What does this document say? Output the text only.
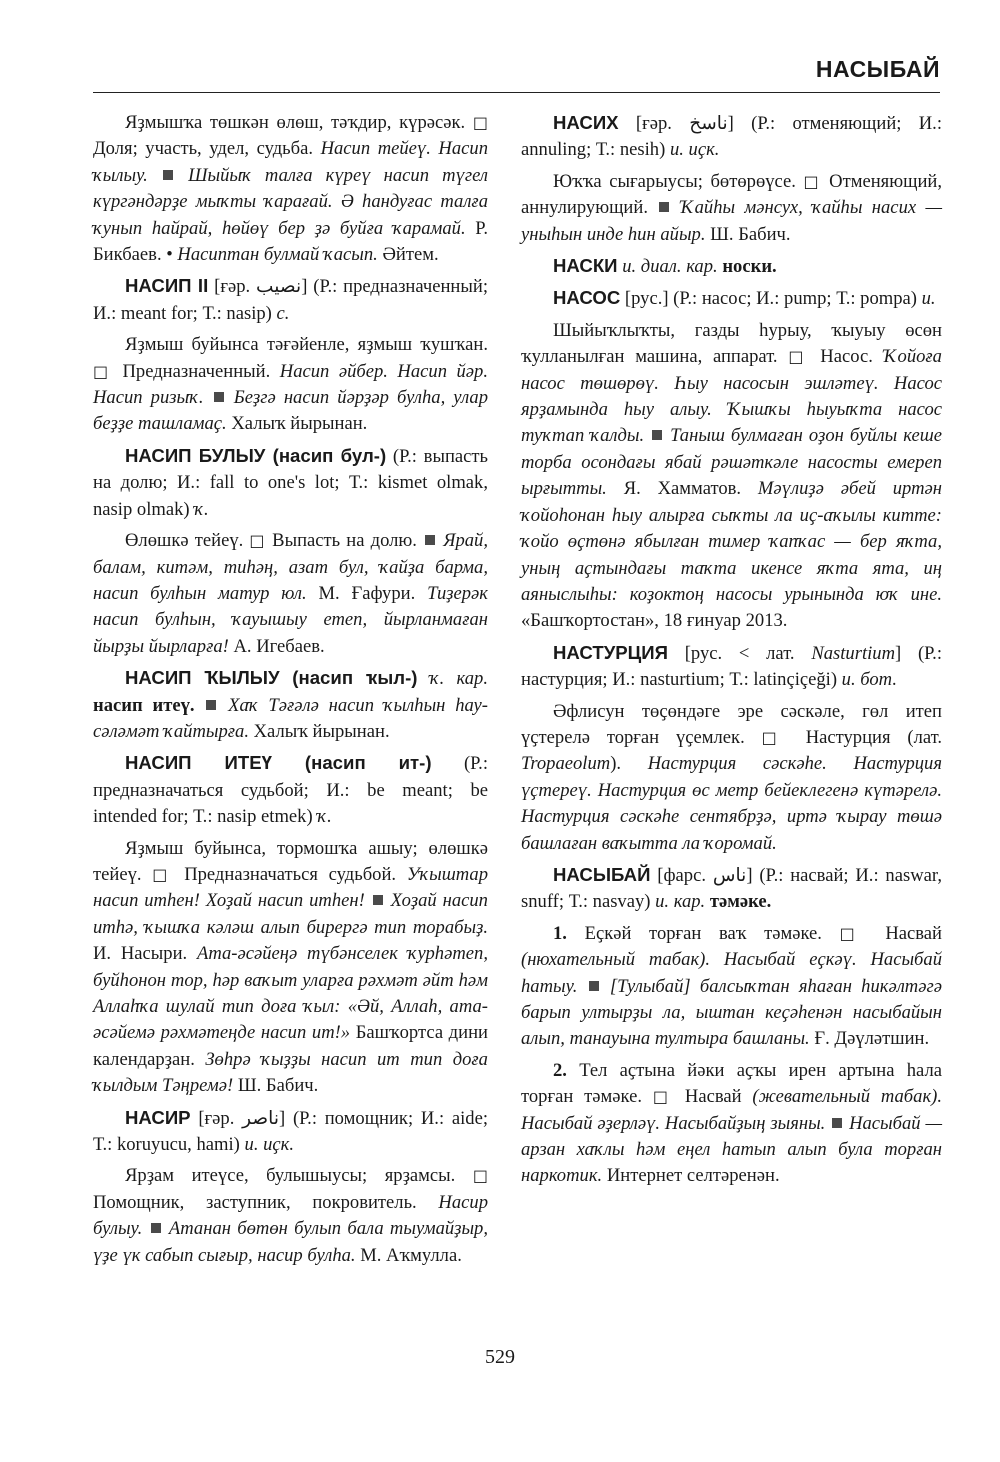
НАСЫБАЙ

Яҙмышҡа төшкән өлөш, тәҡдир, күрәсәк. □ Доля; участь, удел, судьба. Насип тейеү. Насип ҡылыу. Шыйыҡ талға күреү насип түгел күргәндәрҙе мыҡты ҡарағай. Ә һандуғас талға ҡунып һайрай, һөйөү бер ҙә буйға ҡарамай. Р. Бикбаев. • Насиптан булмай ҡасып. Әйтем.

НАСИП II [ғәр. نصيب] (Р.: предназначенный; И.: meant for; Т.: nasip) с.

Яҙмыш буйынса тәғәйенле, яҙмыш ҡушҡан. □ Предназначенный. Насип әйбер. Насип йәр. Насип ризыҡ. Беҙгә насип йәрҙәр булһа, улар беҙҙе ташламаҫ. Халыҡ йырынан.

НАСИП БУЛЫУ (насип бул-) (Р.: выпасть на долю; И.: fall to one's lot; Т.: kismet olmak, nasip olmak) ҡ.

Өлөшкә тейеү. □ Выпасть на долю.  Ярай, балам, китәм, тиһәң, азат бул, ҡайҙа барма, насип булһын матур юл. М. Ғафури. Тиҙерәк насип булһын, ҡауышыу етеп, йырланмаған йырҙы йырларға! А. Игебаев.

НАСИП ҠЫЛЫУ (насип ҡыл-) ҡ. кар. насип итеү. Хаҡ Тәғәлә насип ҡылһын һау-сәләмәт ҡайтырға. Халыҡ йырынан.

НАСИП ИТЕҮ (насип ит-) (Р.: предназначаться судьбой; И.: be meant; be intended for; Т.: nasip etmek) ҡ.

Яҙмыш буйынса, тормошҡа ашыу; өлөшкә тейеү. □ Предназначаться судьбой. Уҡыштар насип итһен! Хоҙай насип итһен! Хоҙай насип итһә, ҡышҡа кәләш алып бирергә тип торабыҙ. И. Насыри. Ата-әсәйеңә түбәнселек ҡурһәтеп, буйһонон тор, һәр ваҡыт уларға рәхмәт әйт һәм Аллаһҡа шулай тип доға ҡыл: «Әй, Аллаһ, ата-әсәйемә рәхмәтеңде насип ит!» Башҡортса дини календарҙан. Зөһрә ҡыҙҙы насип ит тип доға ҡылдым Тәңремә! Ш. Бабич.

НАСИР [ғәр. ناصر] (Р.: помощник; И.: aide; Т.: koruyucu, hami) и. иҫк.

Ярҙам итеүсе, булышыусы; ярҙамсы. □ Помощник, заступник, покровитель. Насир булыу. Атанан бөтөн булып бала тыумайҙыр, үҙе үк сабып сығыр, насир булһа. М. Аҡмулла.

НАСИХ [ғәр. ناسخ] (Р.: отменяющий; И.: annuling; Т.: nesih) и. иҫк.

Юҡҡа сығарыусы; бөтөрөүсе. □ Отменяющий, аннулирующий.  Ҡайһы мәнсух, ҡайһы насих — уныһын инде һин айыр. Ш. Бабич.

НАСКИ и. диал. кар. носки.

НАСОС [рус.] (Р.: насос; И.: pump; Т.: pompa) и.

Шыйыҡлыҡты, газды һурыу, ҡыуыу өсөн ҡулланылған машина, аппарат. □ Насос. Ҡойоға насос төшөрөү. Һыу насосын эшләтеү. Насос ярҙамында һыу алыу. Ҡышҡы һыуыҡта насос туҡтап ҡалды. Таныш булмаған оҙон буйлы кеше торба осондағы ябай рәшәткәле насосты емереп ырғытты. Я. Хамматов. Мәүлиҙә әбей иртән ҡойоһонан һыу алырға сыҡты ла иҫ-аҡылы китте: ҡойо өҫтөнә ябылған тимер ҡапҡас — бер яҡта, уның аҫтындағы таҡта икенсе яҡта ята, иң аяныслыһы: коҙоктоң насосы урынында юҡ ине. «Башҡортостан», 18 ғинуар 2013.

НАСТУРЦИЯ [рус. < лат. Nasturtium] (Р.: настурция; И.: nasturtium; Т.: latinçiçeği) и. бот.

Әфлисун төҫөндәге эре сәскәле, гөл итеп үҫтерелә торған үҫемлек. □ Настурция (лат. Tropaeolum). Настурция сәскәһе. Настурция үҫтереү. Настурция өс метр бейеклегенә күтәрелә. Настурция сәскәһе сентябрҙә, иртә ҡырау төшә башлаған ваҡытта ла ҡоромай.

НАСЫБАЙ [фарс. ناس] (Р.: насвай; И.: naswar, snuff; Т.: nasvay) и. кар. тәмәке.

1. Еҫкәй торған ваҡ тәмәке. □ Насвай (нюхательный табак). Насыбай еҫкәү. Насыбай һатыу. [Тулыбай] балсыҡтан яһаған һикәлтәгә барып ултырҙы ла, ыштан кеҫәһенән насыбайын алып, танауына тултыра башланы. Ғ. Дәүләтшин.

2. Тел аҫтына йәки аҫҡы ирен артына һала торған тәмәке. □ Насвай (жевательный табак). Насыбай әҙерләү. Насыбайҙың зыяны. Насыбай — арзан хаҡлы һәм еңел һатып алып була торған наркотик. Интернет селтәренән.

529
